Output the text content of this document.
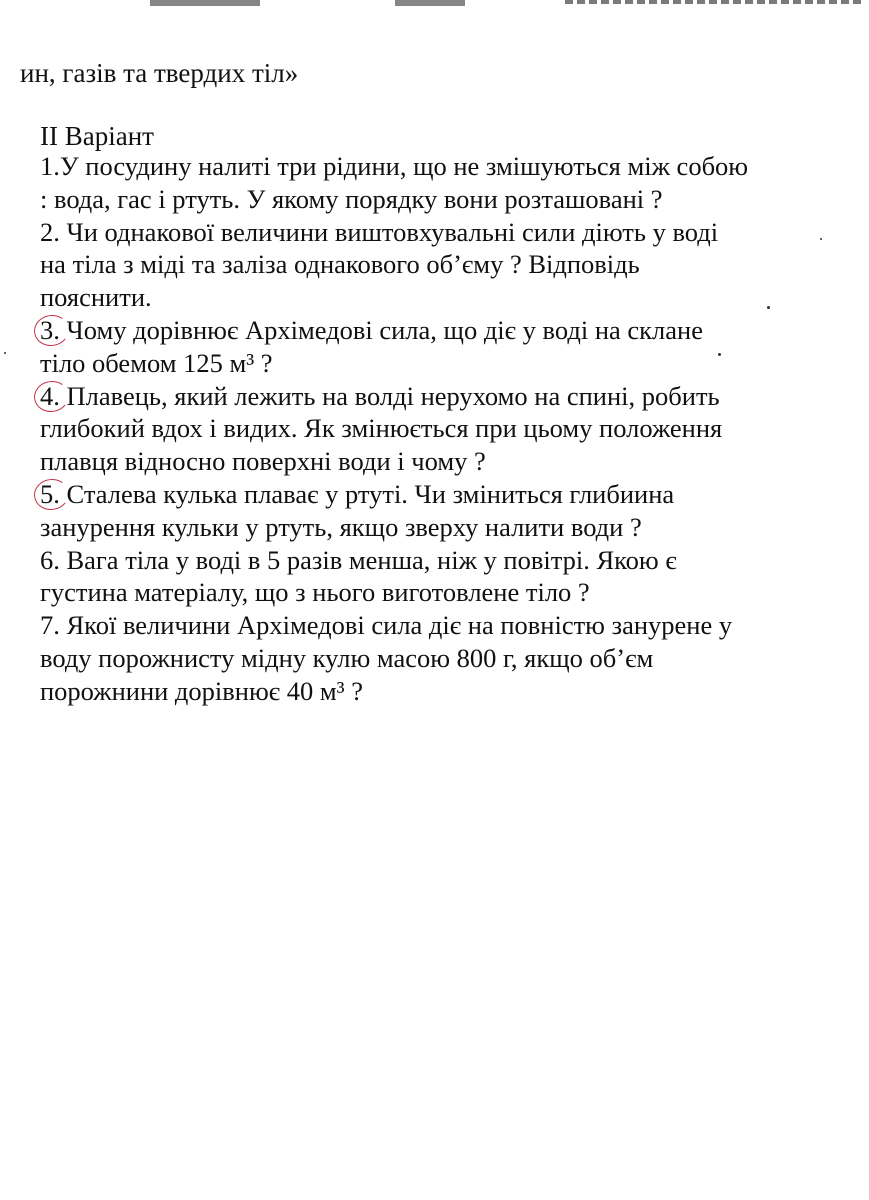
ин, газів та твердих тіл»
ІІ Варіант
1.У посудину налиті три рідини, що не змішуються між собою
: вода, гас і ртуть. У якому порядку вони розташовані ?
2. Чи однакової величини виштовхувальні сили діють у воді
на тіла з міді та заліза однакового об’єму ? Відповідь
пояснити.
3.
Чому дорівнює Архімедові сила, що діє у воді на склане
тіло обемом 125 м³ ?
4.
Плавець, який лежить на волді нерухомо на спині, робить
глибокий вдох і видих. Як змінюється при цьому положення
плавця відносно поверхні води і чому ?
5.
Сталева кулька плаває у ртуті. Чи зміниться глибиина
занурення кульки у ртуть, якщо зверху налити води ?
6. Вага тіла у воді в 5 разів менша, ніж у повітрі. Якою є
густина матеріалу, що з нього виготовлене тіло ?
7. Якої величини Архімедові сила діє на повністю занурене у
воду порожнисту мідну кулю масою 800 г, якщо об’єм
порожнини дорівнює 40 м³ ?
